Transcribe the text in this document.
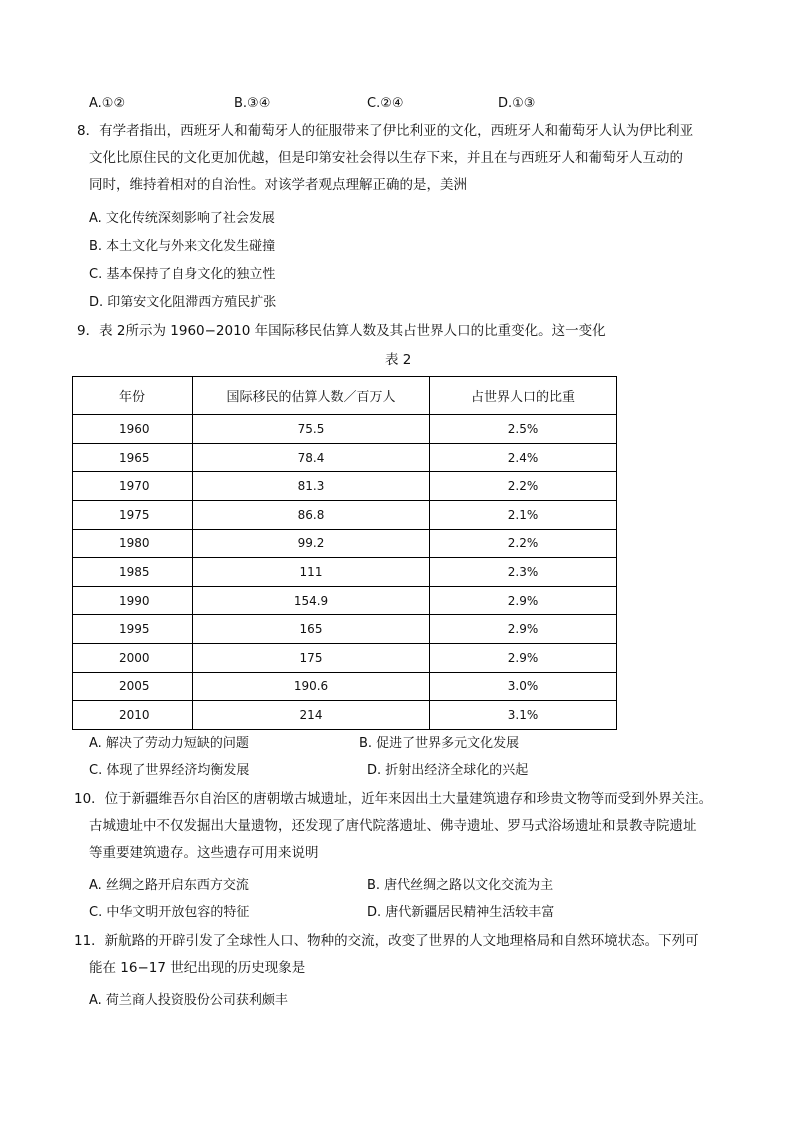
A.①②	B.③④	C.②④	D.①③
8．有学者指出，西班牙人和葡萄牙人的征服带来了伊比利亚的文化，西班牙人和葡萄牙人认为伊比利亚
文化比原住民的文化更加优越，但是印第安社会得以生存下来，并且在与西班牙人和葡萄牙人互动的
同时，维持着相对的自治性。对该学者观点理解正确的是，美洲
A. 文化传统深刻影响了社会发展
B. 本土文化与外来文化发生碰撞
C. 基本保持了自身文化的独立性
D. 印第安文化阻滞西方殖民扩张
9．表 2所示为 1960−2010 年国际移民估算人数及其占世界人口的比重变化。这一变化
表 2
年份	国际移民的估算人数／百万人	占世界人口的比重
1960	75.5	2.5%
1965	78.4	2.4%
1970	81.3	2.2%
1975	86.8	2.1%
1980	99.2	2.2%
1985	111	2.3%
1990	154.9	2.9%
1995	165	2.9%
2000	175	2.9%
2005	190.6	3.0%
2010	214	3.1%
A. 解决了劳动力短缺的问题	B. 促进了世界多元文化发展
C. 体现了世界经济均衡发展	D. 折射出经济全球化的兴起
10．位于新疆维吾尔自治区的唐朝墩古城遗址，近年来因出土大量建筑遗存和珍贵文物等而受到外界关注。
古城遗址中不仅发掘出大量遗物，还发现了唐代院落遗址、佛寺遗址、罗马式浴场遗址和景教寺院遗址
等重要建筑遗存。这些遗存可用来说明
A. 丝绸之路开启东西方交流	B. 唐代丝绸之路以文化交流为主
C. 中华文明开放包容的特征	D. 唐代新疆居民精神生活较丰富
11．新航路的开辟引发了全球性人口、物种的交流，改变了世界的人文地理格局和自然环境状态。下列可
能在 16−17 世纪出现的历史现象是
A. 荷兰商人投资股份公司获利颇丰
